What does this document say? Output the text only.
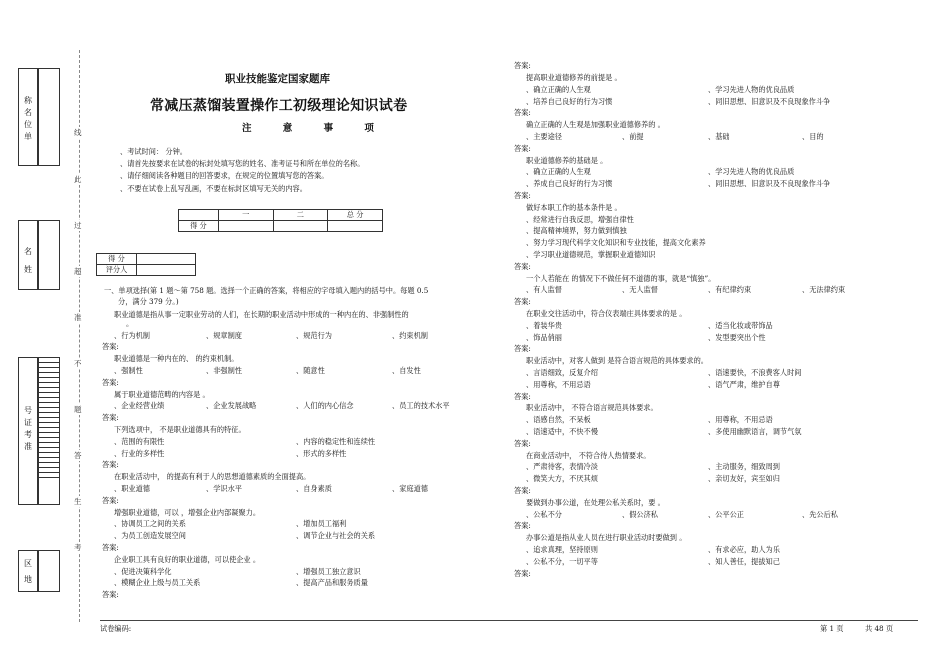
称名位单
名姓
号证考准
区地
线
此
过
超
准
不
题
答
生
考
职业技能鉴定国家题库
常减压蒸馏装置操作工初级理论知识试卷
注 意 事 项
、考试时间： 分钟。
、请首先按要求在试卷的标封处填写您的姓名、准考证号和所在单位的名称。
、请仔细阅读各种题目的回答要求，在规定的位置填写您的答案。
、不要在试卷上乱写乱画，不要在标封区填写无关的内容。
	一	二	总 分
得 分			
得 分	
评分人	
一、单项选择(第 1 题～第 758 题。选择一个正确的答案，将相应的字母填入题内的括号中。每题 0.5
分，满分 379 分。)
职业道德是指从事一定职业劳动的人们，在长期的职业活动中形成的一种内在的、非强制性的
。
、行为机制	、规章制度	、规范行为	、约束机制
答案:
职业道德是一种内在的、 的约束机制。
、强制性	、非强制性	、随意性	、自发性
答案:
属于职业道德范畴的内容是 。
、企业经营业绩	、企业发展战略	、人们的内心信念	、员工的技术水平
答案:
下列选项中， 不是职业道德具有的特征。
、范围的有限性	、内容的稳定性和连续性
、行业的多样性	、形式的多样性
答案:
在职业活动中， 的提高有利于人的思想道德素质的全面提高。
、职业道德	、学识水平	、自身素质	、家庭道德
答案:
增强职业道德，可以 ，增强企业内部凝聚力。
、协调员工之间的关系	、增加员工福利
、为员工创造发展空间	、调节企业与社会的关系
答案:
企业职工具有良好的职业道德，可以使企业 。
、促进决策科学化	、增强员工独立意识
、模糊企业上级与员工关系	、提高产品和服务质量
答案:
答案:
提高职业道德修养的前提是 。
、确立正确的人生观	、学习先进人物的优良品质
、培养自己良好的行为习惯	、同旧思想、旧意识及不良现象作斗争
答案:
确立正确的人生观是加强职业道德修养的 。
、主要途径	、前提	、基础	、目的
答案:
职业道德修养的基础是 。
、确立正确的人生观	、学习先进人物的优良品质
、养成自己良好的行为习惯	、同旧思想、旧意识及不良现象作斗争
答案:
做好本职工作的基本条件是 。
、经常进行自我反思，增强自律性
、提高精神境界，努力做到慎独
、努力学习现代科学文化知识和专业技能，提高文化素养
、学习职业道德规范，掌握职业道德知识
答案:
一个人若能在 的情况下不做任何不道德的事，就是“慎独”。
、有人监督	、无人监督	、有纪律约束	、无法律约束
答案:
在职业交往活动中，符合仪表端庄具体要求的是 。
、着装华贵	、适当化妆或带饰品
、饰品俏丽	、发型要突出个性
答案:
职业活动中，对客人做到 是符合语言规范的具体要求的。
、言语细致，反复介绍	、语速要快，不浪费客人时间
、用尊称，不用忌语	、语气严肃，维护自尊
答案:
职业活动中， 不符合语言规范具体要求。
、语感自然，不呆板	、用尊称，不用忌语
、语速适中，不快不慢	、多使用幽默语言，调节气氛
答案:
在商业活动中， 不符合待人热情要求。
、严肃待客，表情冷淡	、主动服务，细致周到
、微笑大方，不厌其烦	、亲切友好，宾至如归
答案:
要做到办事公道，在处理公私关系时，要 。
、公私不分	、假公济私	、公平公正	、先公后私
答案:
办事公道是指从业人员在进行职业活动时要做到 。
、追求真理，坚持原则	、有求必应，助人为乐
、公私不分，一切平等	、知人善任，提拔知己
答案:
试卷编码:	第 1 页	共 48 页
